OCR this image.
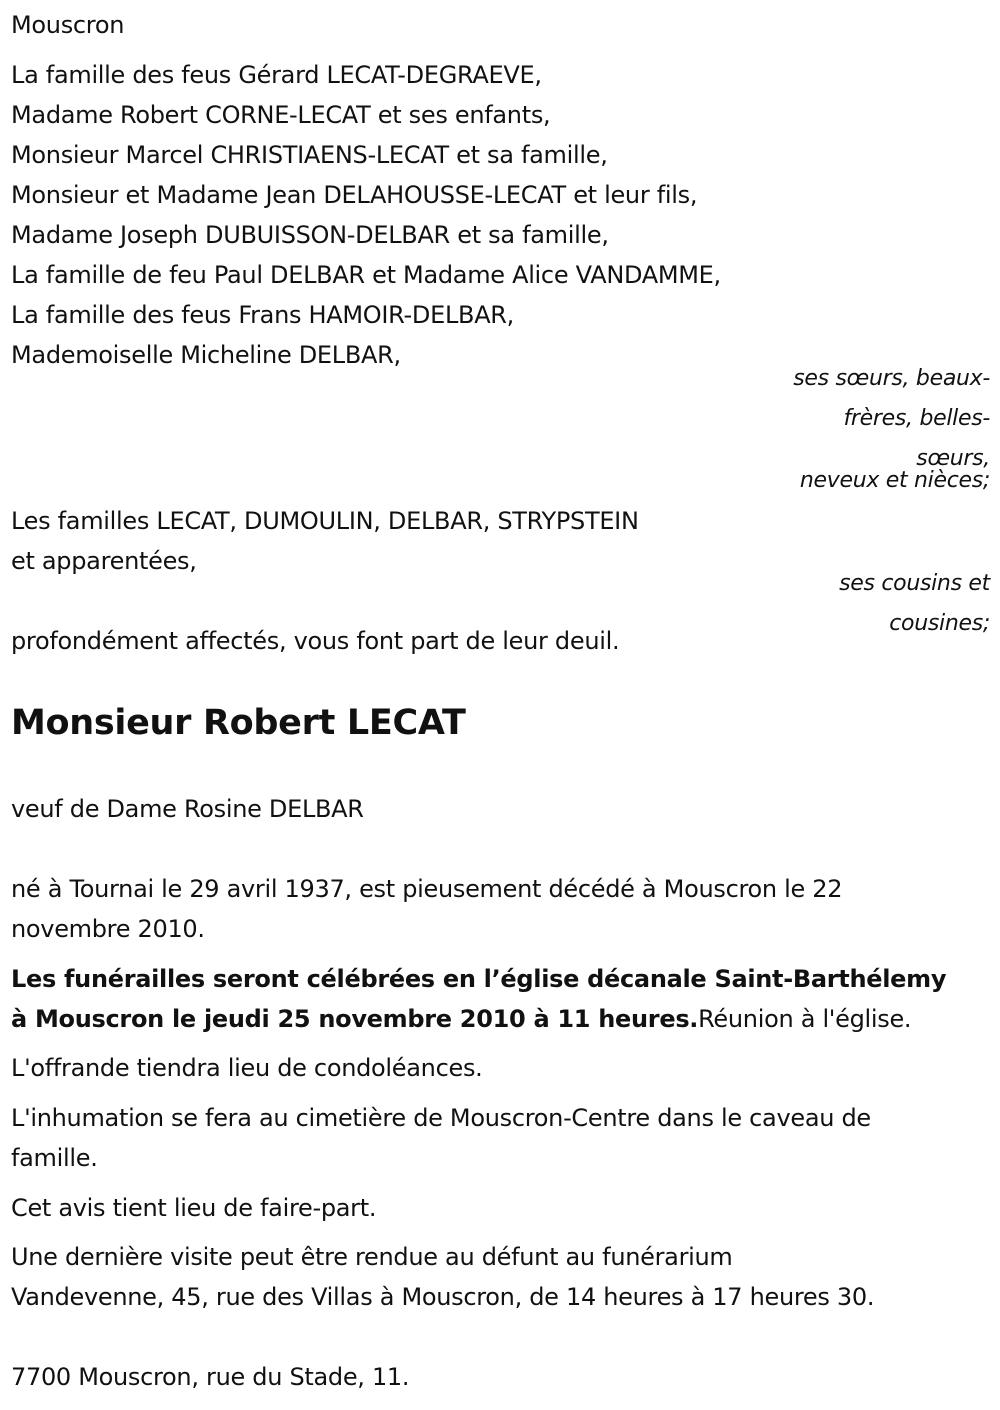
Mouscron
La famille des feus Gérard LECAT-DEGRAEVE,
Madame Robert CORNE-LECAT et ses enfants,
Monsieur Marcel CHRISTIAENS-LECAT et sa famille,
Monsieur et Madame Jean DELAHOUSSE-LECAT et leur fils,
Madame Joseph DUBUISSON-DELBAR et sa famille,
La famille de feu Paul DELBAR et Madame Alice VANDAMME,
La famille des feus Frans HAMOIR-DELBAR,
Mademoiselle Micheline DELBAR,
ses sœurs, beaux-
frères, belles-
sœurs,
neveux et nièces;
Les familles LECAT, DUMOULIN, DELBAR, STRYPSTEIN
et apparentées,
ses cousins et
cousines;
profondément affectés, vous font part de leur deuil.
Monsieur Robert LECAT
veuf de Dame Rosine DELBAR
né à Tournai le 29 avril 1937, est pieusement décédé à Mouscron le 22
novembre 2010.
Les funérailles seront célébrées en l’église décanale Saint-Barthélemy
à Mouscron le jeudi 25 novembre 2010 à 11 heures.Réunion à l'église.
L'offrande tiendra lieu de condoléances.
L'inhumation se fera au cimetière de Mouscron-Centre dans le caveau de
famille.
Cet avis tient lieu de faire-part.
Une dernière visite peut être rendue au défunt au funérarium
Vandevenne, 45, rue des Villas à Mouscron, de 14 heures à 17 heures 30.
7700 Mouscron, rue du Stade, 11.
